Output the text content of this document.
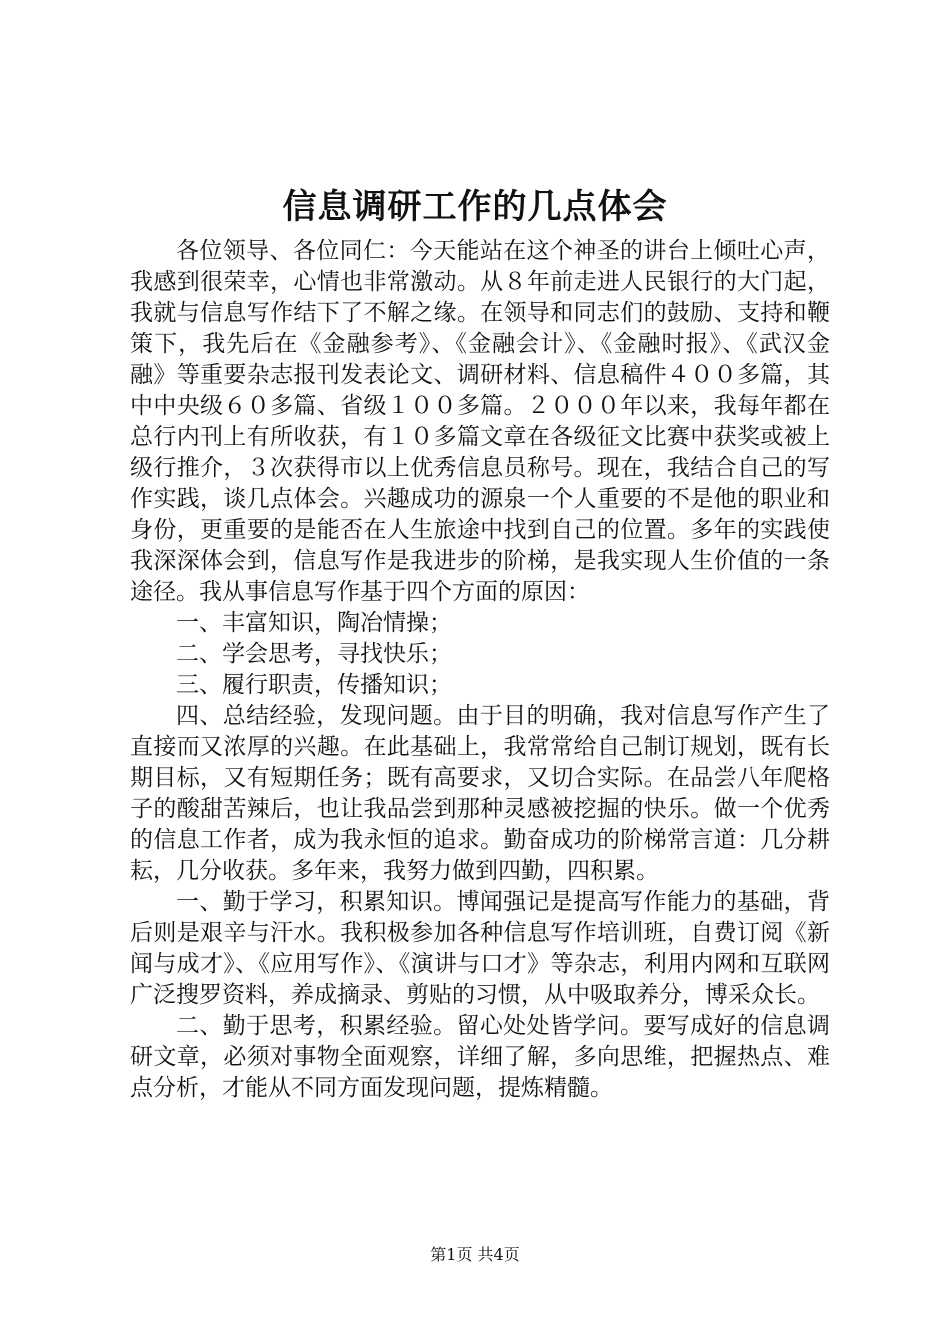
信息调研工作的几点体会

各位领导、各位同仁：今天能站在这个神圣的讲台上倾吐心声，我感到很荣幸，心情也非常激动。从８年前走进人民银行的大门起，我就与信息写作结下了不解之缘。在领导和同志们的鼓励、支持和鞭策下，我先后在《金融参考》、《金融会计》、《金融时报》、《武汉金融》等重要杂志报刊发表论文、调研材料、信息稿件４００多篇，其中中央级６０多篇、省级１００多篇。２０００年以来，我每年都在总行内刊上有所收获，有１０多篇文章在各级征文比赛中获奖或被上级行推介，３次获得市以上优秀信息员称号。现在，我结合自己的写作实践，谈几点体会。兴趣成功的源泉一个人重要的不是他的职业和身份，更重要的是能否在人生旅途中找到自己的位置。多年的实践使我深深体会到，信息写作是我进步的阶梯，是我实现人生价值的一条途径。我从事信息写作基于四个方面的原因：

一、丰富知识，陶冶情操；

二、学会思考，寻找快乐；

三、履行职责，传播知识；

四、总结经验，发现问题。由于目的明确，我对信息写作产生了直接而又浓厚的兴趣。在此基础上，我常常给自己制订规划，既有长期目标，又有短期任务；既有高要求，又切合实际。在品尝八年爬格子的酸甜苦辣后，也让我品尝到那种灵感被挖掘的快乐。做一个优秀的信息工作者，成为我永恒的追求。勤奋成功的阶梯常言道：几分耕耘，几分收获。多年来，我努力做到四勤，四积累。

一、勤于学习，积累知识。博闻强记是提高写作能力的基础，背后则是艰辛与汗水。我积极参加各种信息写作培训班，自费订阅《新闻与成才》、《应用写作》、《演讲与口才》等杂志，利用内网和互联网广泛搜罗资料，养成摘录、剪贴的习惯，从中吸取养分，博采众长。

二、勤于思考，积累经验。留心处处皆学问。要写成好的信息调研文章，必须对事物全面观察，详细了解，多向思维，把握热点、难点分析，才能从不同方面发现问题，提炼精髓。

第1页 共4页
